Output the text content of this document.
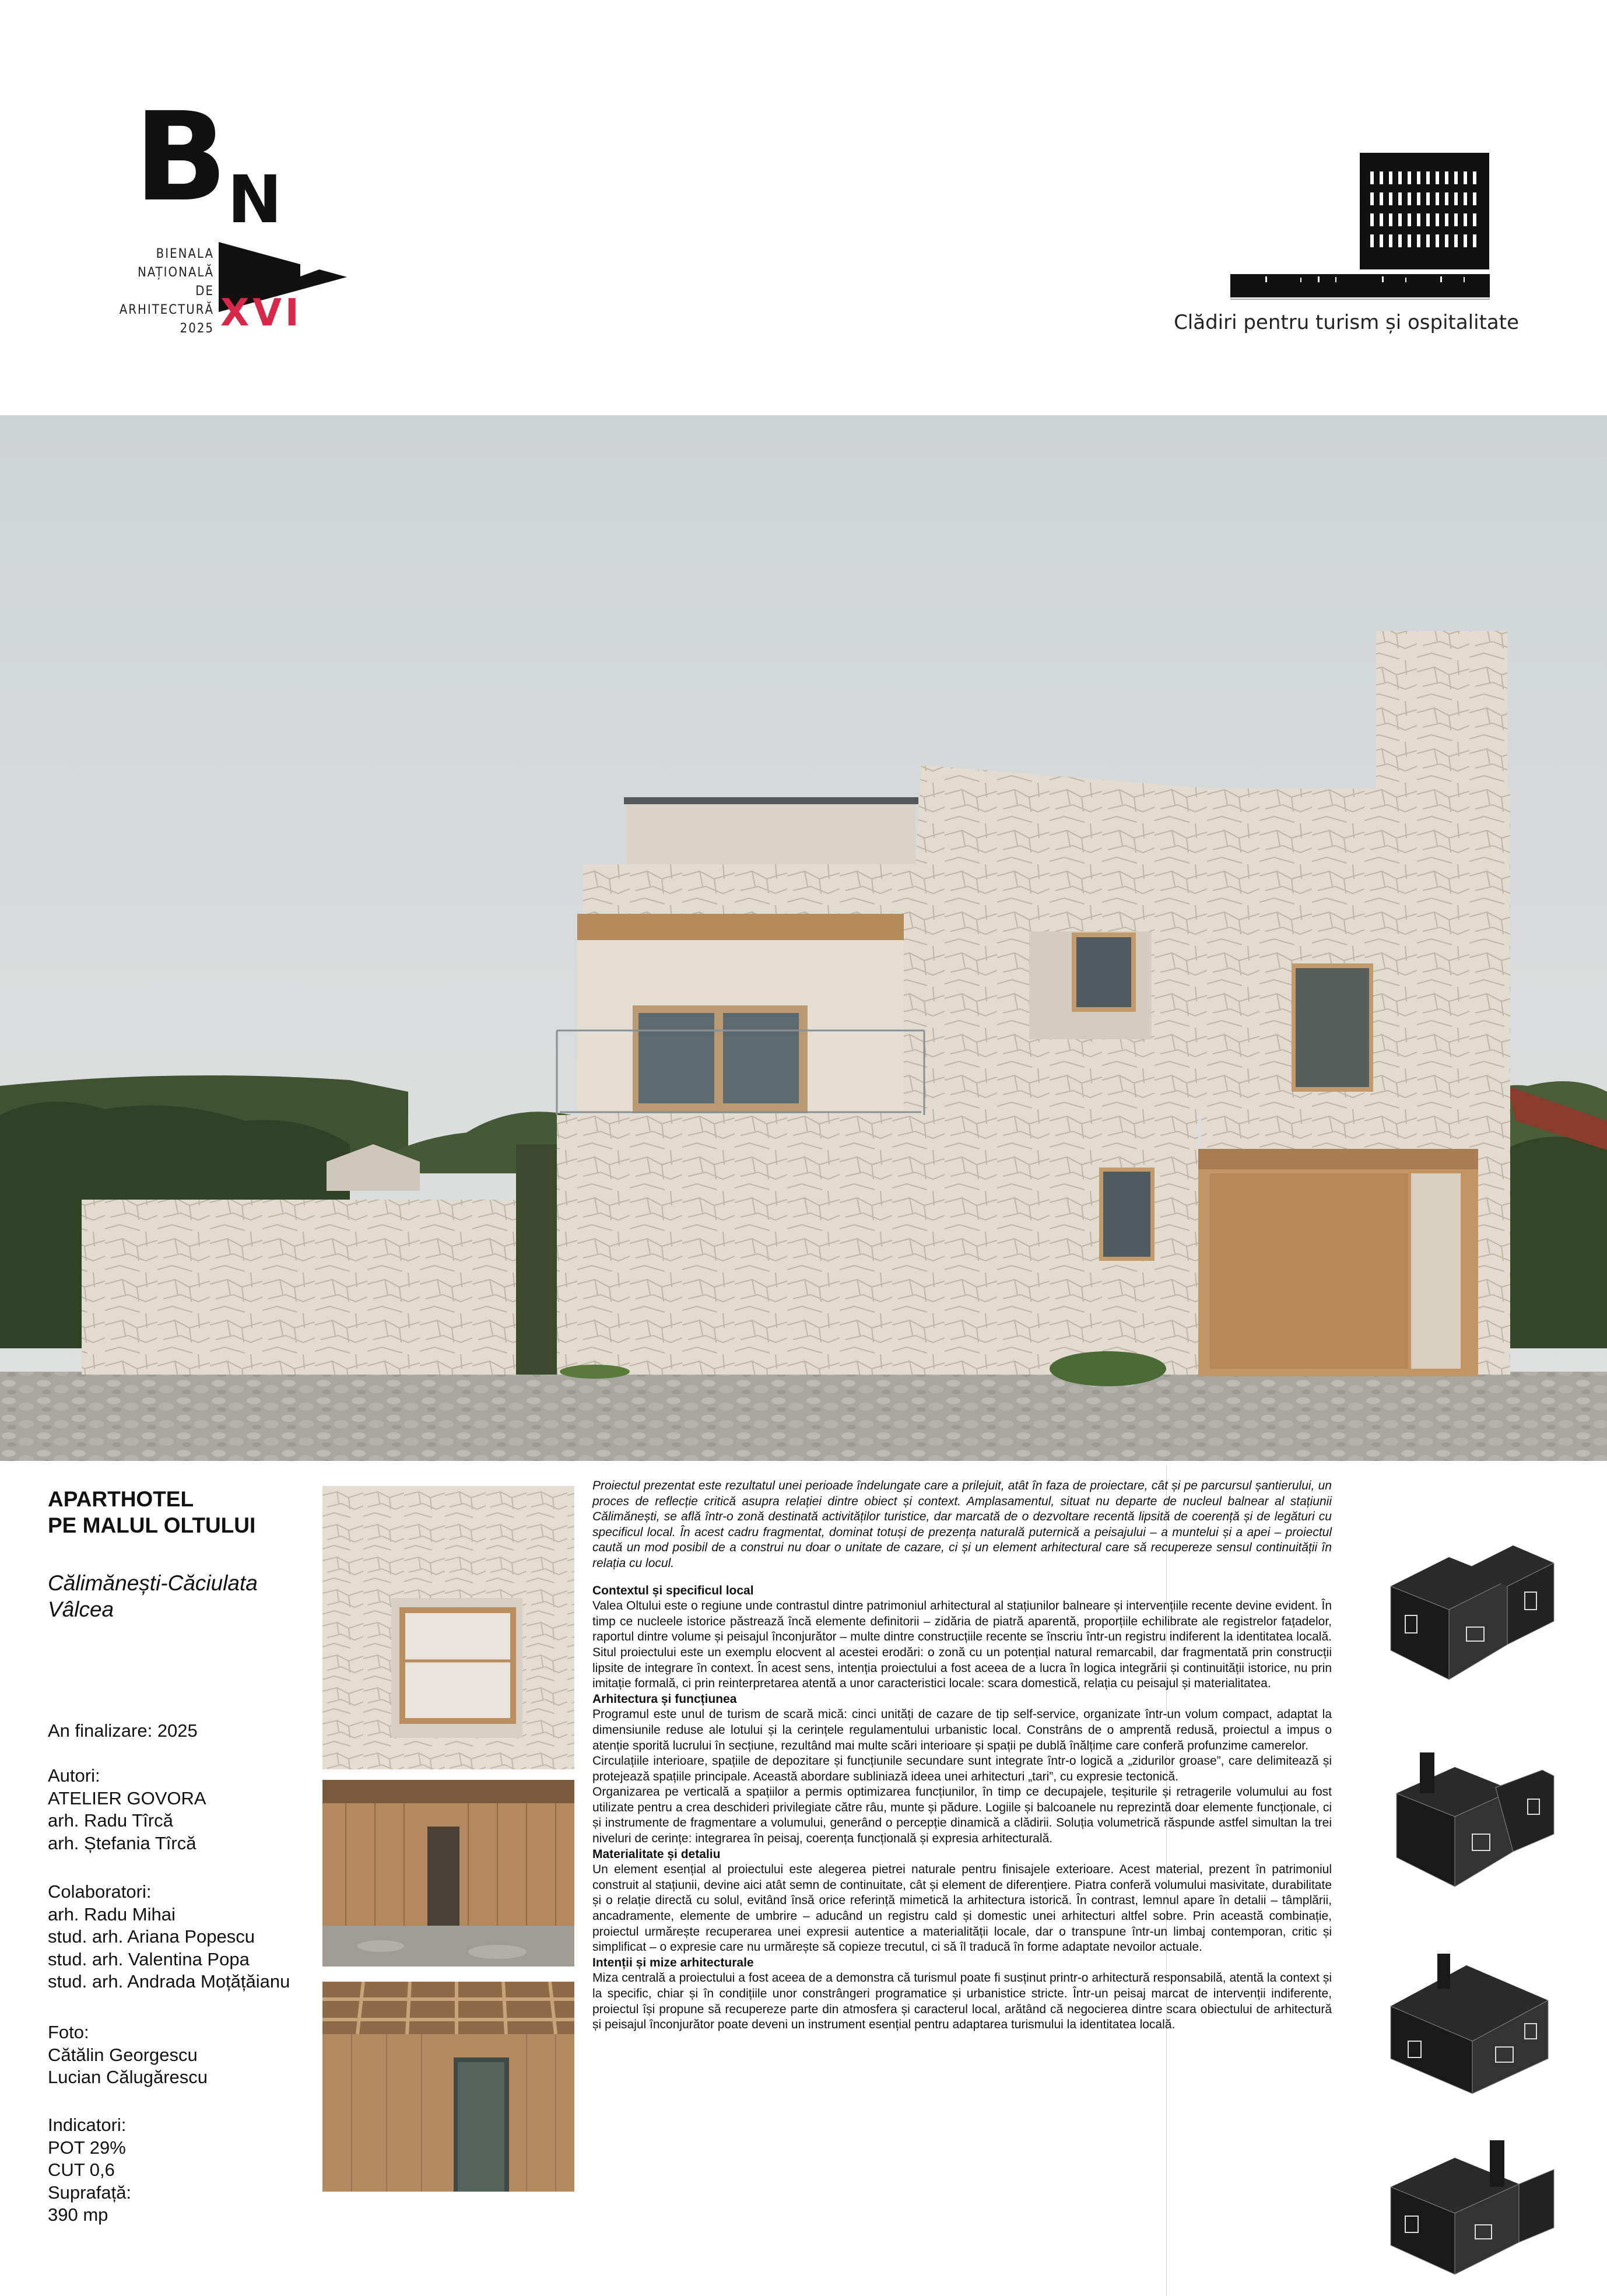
B N
BIENALA
NAȚIONALĂ
DE
ARHITECTURĂ
2025 XVI	Clădiri pentru turism și ospitalitate
APARTHOTEL
PE MALUL OLTULUI
Călimănești-Căciulata
Vâlcea
An finalizare: 2025
Autori:
ATELIER GOVORA
arh. Radu Tîrcă
arh. Ștefania Tîrcă
Colaboratori:
arh. Radu Mihai
stud. arh. Ariana Popescu
stud. arh. Valentina Popa
stud. arh. Andrada Moțățăianu
Foto:
Cătălin Georgescu
Lucian Călugărescu
Indicatori:
POT 29%
CUT 0,6
Suprafață:
390 mp

Proiectul prezentat este rezultatul unei perioade îndelungate care a prilejuit, atât în faza de proiectare, cât și pe parcursul șantierului, un proces de reflecție critică asupra relației dintre obiect și context. Amplasamentul, situat nu departe de nucleul balnear al stațiunii Călimănești, se află într-o zonă destinată activităților turistice, dar marcată de o dezvoltare recentă lipsită de coerență și de legături cu specificul local. În acest cadru fragmentat, dominat totuși de prezența naturală puternică a peisajului – a muntelui și a apei – proiectul caută un mod posibil de a construi nu doar o unitate de cazare, ci și un element arhitectural care să recupereze sensul continuității în relația cu locul.

Contextul și specificul local

Valea Oltului este o regiune unde contrastul dintre patrimoniul arhitectural al stațiunilor balneare și intervențiile recente devine evident. În timp ce nucleele istorice păstrează încă elemente definitorii – zidăria de piatră aparentă, proporțiile echilibrate ale registrelor fațadelor, raportul dintre volume și peisajul înconjurător – multe dintre construcțiile recente se înscriu într-un registru indiferent la identitatea locală. Situl proiectului este un exemplu elocvent al acestei erodări: o zonă cu un potențial natural remarcabil, dar fragmentată prin construcții lipsite de integrare în context. În acest sens, intenția proiectului a fost aceea de a lucra în logica integrării și continuității istorice, nu prin imitație formală, ci prin reinterpretarea atentă a unor caracteristici locale: scara domestică, relația cu peisajul și materialitatea.

Arhitectura și funcțiunea

Programul este unul de turism de scară mică: cinci unități de cazare de tip self-service, organizate într-un volum compact, adaptat la dimensiunile reduse ale lotului și la cerințele regulamentului urbanistic local. Constrâns de o amprentă redusă, proiectul a impus o atenție sporită lucrului în secțiune, rezultând mai multe scări interioare și spații pe dublă înălțime care conferă profunzime camerelor.

Circulațiile interioare, spațiile de depozitare și funcțiunile secundare sunt integrate într-o logică a „zidurilor groase”, care delimitează și protejează spațiile principale. Această abordare subliniază ideea unei arhitecturi „tari”, cu expresie tectonică.

Organizarea pe verticală a spațiilor a permis optimizarea funcțiunilor, în timp ce decupajele, teșiturile și retragerile volumului au fost utilizate pentru a crea deschideri privilegiate către râu, munte și pădure. Logiile și balcoanele nu reprezintă doar elemente funcționale, ci și instrumente de fragmentare a volumului, generând o percepție dinamică a clădirii. Soluția volumetrică răspunde astfel simultan la trei niveluri de cerințe: integrarea în peisaj, coerența funcțională și expresia arhitecturală.

Materialitate și detaliu

Un element esențial al proiectului este alegerea pietrei naturale pentru finisajele exterioare. Acest material, prezent în patrimoniul construit al stațiunii, devine aici atât semn de continuitate, cât și element de diferențiere. Piatra conferă volumului masivitate, durabilitate și o relație directă cu solul, evitând însă orice referință mimetică la arhitectura istorică. În contrast, lemnul apare în detalii – tâmplării, ancadramente, elemente de umbrire – aducând un registru cald și domestic unei arhitecturi altfel sobre. Prin această combinație, proiectul urmărește recuperarea unei expresii autentice a materialității locale, dar o transpune într-un limbaj contemporan, critic și simplificat – o expresie care nu urmărește să copieze trecutul, ci să îl traducă în forme adaptate nevoilor actuale.

Intenții și mize arhitecturale

Miza centrală a proiectului a fost aceea de a demonstra că turismul poate fi susținut printr-o arhitectură responsabilă, atentă la context și la specific, chiar și în condițiile unor constrângeri programatice și urbanistice stricte. Într-un peisaj marcat de intervenții indiferente, proiectul își propune să recupereze parte din atmosfera și caracterul local, arătând că negocierea dintre scara obiectului de arhitectură și peisajul înconjurător poate deveni un instrument esențial pentru adaptarea turismului la identitatea locală.
